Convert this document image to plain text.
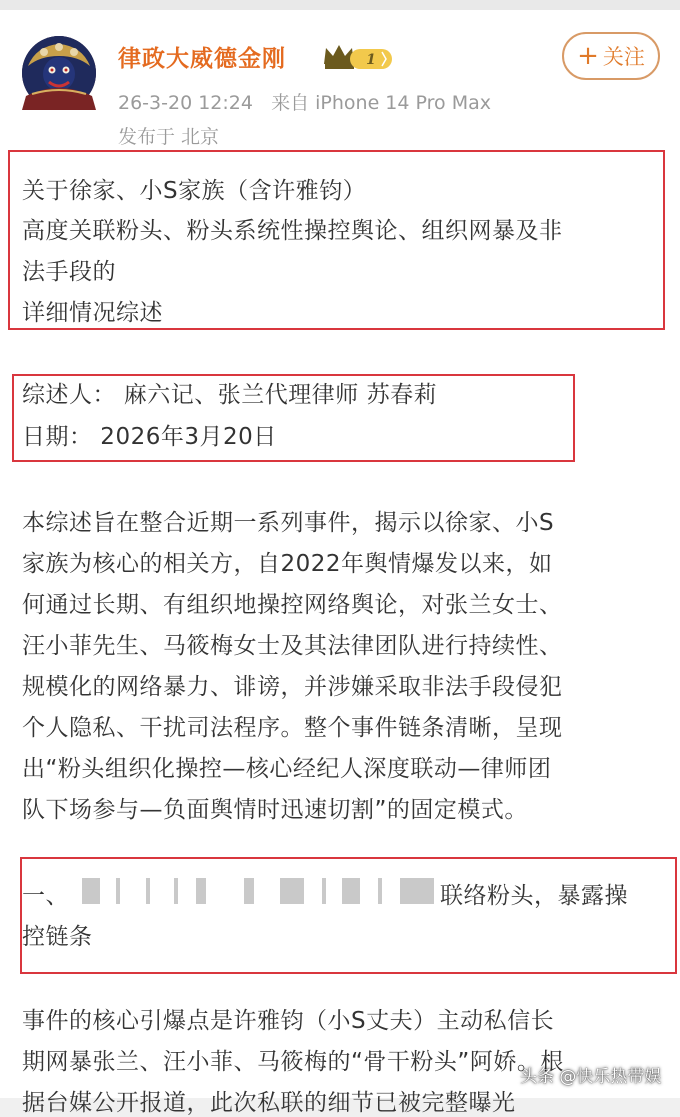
律政大威德金刚	1	+ 关注
26-3-20 12:24 来自 iPhone 14 Pro Max
发布于 北京
关于徐家、小S家族（含许雅钧）
高度关联粉头、粉头系统性操控舆论、组织网暴及非
法手段的
详细情况综述
综述人： 麻六记、张兰代理律师 苏春莉
日期： 2026年3月20日
本综述旨在整合近期一系列事件，揭示以徐家、小S
家族为核心的相关方，自2022年舆情爆发以来，如
何通过长期、有组织地操控网络舆论，对张兰女士、
汪小菲先生、马筱梅女士及其法律团队进行持续性、
规模化的网络暴力、诽谤，并涉嫌采取非法手段侵犯
个人隐私、干扰司法程序。整个事件链条清晰，呈现
出“粉头组织化操控—核心经纪人深度联动—律师团
队下场参与—负面舆情时迅速切割”的固定模式。
一、	联络粉头，暴露操
控链条
事件的核心引爆点是许雅钧（小S丈夫）主动私信长
期网暴张兰、汪小菲、马筱梅的“骨干粉头”阿娇。根
据台媒公开报道，此次私联的细节已被完整曝光
头条 @快乐热带娱
